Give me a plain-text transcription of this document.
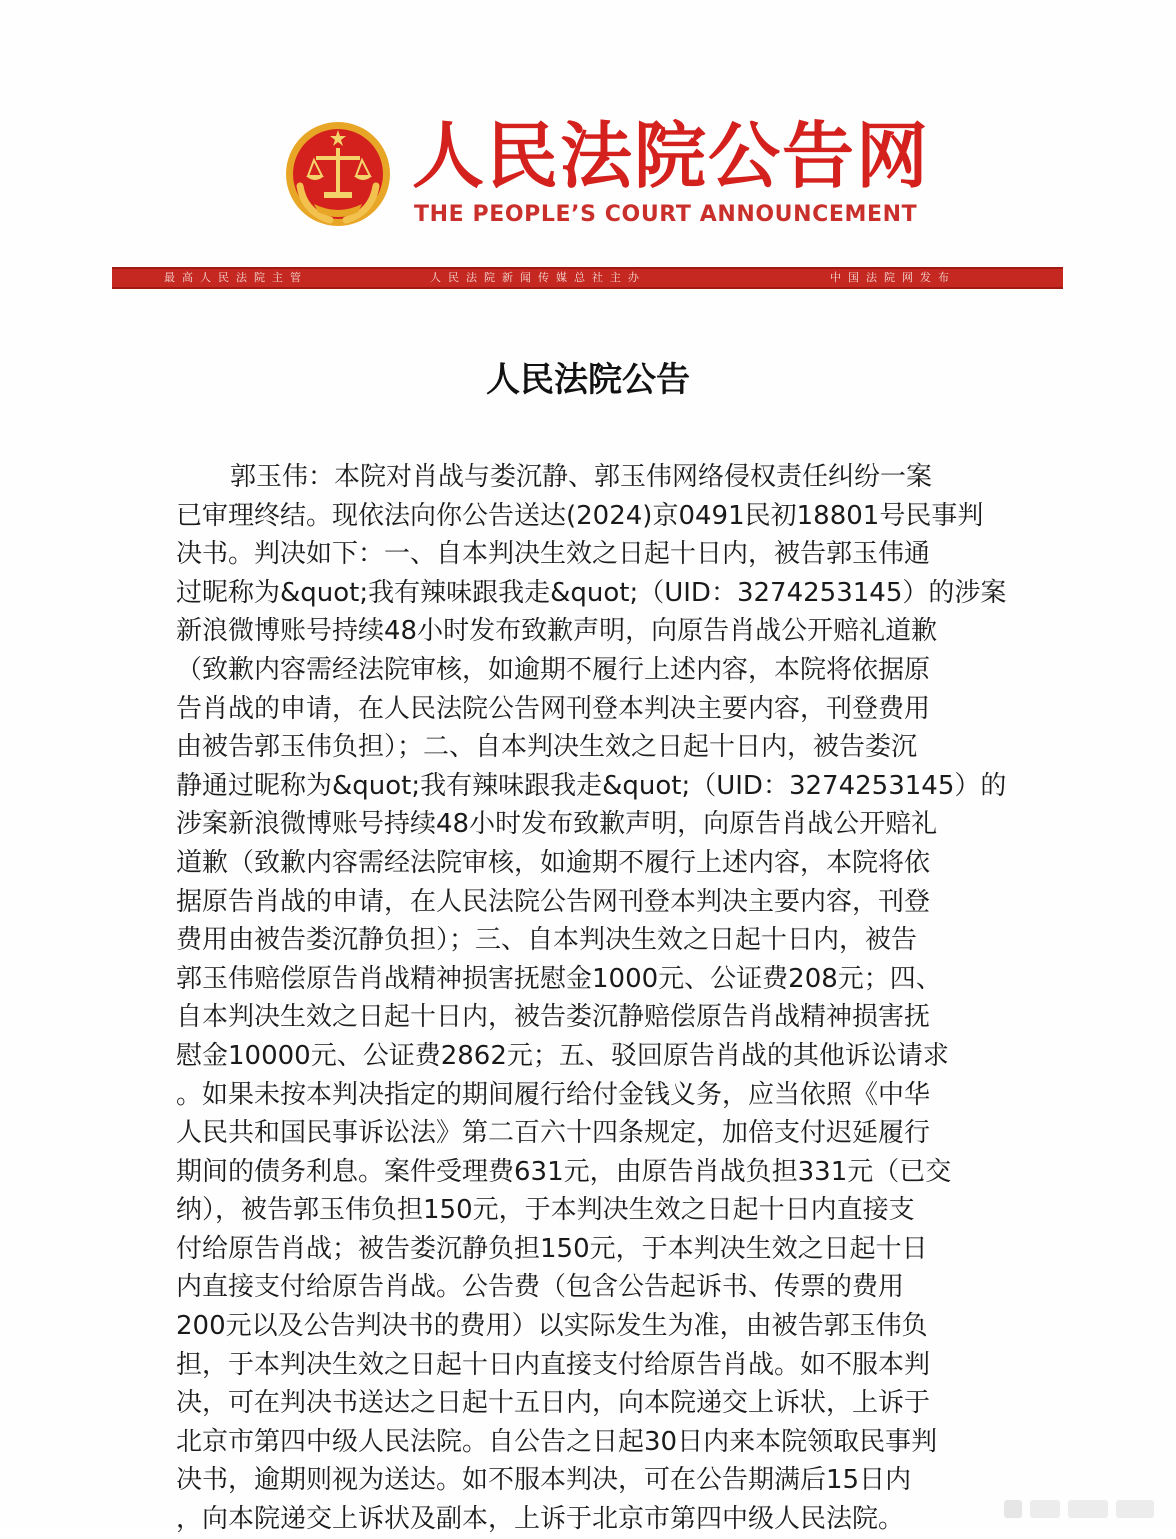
人民法院公告网
THE PEOPLE’S COURT ANNOUNCEMENT
最高人民法院主管	人民法院新闻传媒总社主办	中国法院网发布
人民法院公告
郭玉伟：本院对肖战与娄沉静、郭玉伟网络侵权责任纠纷一案
已审理终结。现依法向你公告送达(2024)京0491民初18801号民事判
决书。判决如下：一、自本判决生效之日起十日内，被告郭玉伟通
过昵称为&quot;我有辣味跟我走&quot;（UID：3274253145）的涉案
新浪微博账号持续48小时发布致歉声明，向原告肖战公开赔礼道歉
（致歉内容需经法院审核，如逾期不履行上述内容，本院将依据原
告肖战的申请，在人民法院公告网刊登本判决主要内容，刊登费用
由被告郭玉伟负担）；二、自本判决生效之日起十日内，被告娄沉
静通过昵称为&quot;我有辣味跟我走&quot;（UID：3274253145）的
涉案新浪微博账号持续48小时发布致歉声明，向原告肖战公开赔礼
道歉（致歉内容需经法院审核，如逾期不履行上述内容，本院将依
据原告肖战的申请，在人民法院公告网刊登本判决主要内容，刊登
费用由被告娄沉静负担）；三、自本判决生效之日起十日内，被告
郭玉伟赔偿原告肖战精神损害抚慰金1000元、公证费208元；四、
自本判决生效之日起十日内，被告娄沉静赔偿原告肖战精神损害抚
慰金10000元、公证费2862元；五、驳回原告肖战的其他诉讼请求
。如果未按本判决指定的期间履行给付金钱义务，应当依照《中华
人民共和国民事诉讼法》第二百六十四条规定，加倍支付迟延履行
期间的债务利息。案件受理费631元，由原告肖战负担331元（已交
纳），被告郭玉伟负担150元，于本判决生效之日起十日内直接支
付给原告肖战；被告娄沉静负担150元，于本判决生效之日起十日
内直接支付给原告肖战。公告费（包含公告起诉书、传票的费用
200元以及公告判决书的费用）以实际发生为准，由被告郭玉伟负
担，于本判决生效之日起十日内直接支付给原告肖战。如不服本判
决，可在判决书送达之日起十五日内，向本院递交上诉状，上诉于
北京市第四中级人民法院。自公告之日起30日内来本院领取民事判
决书，逾期则视为送达。如不服本判决，可在公告期满后15日内
，向本院递交上诉状及副本，上诉于北京市第四中级人民法院。
